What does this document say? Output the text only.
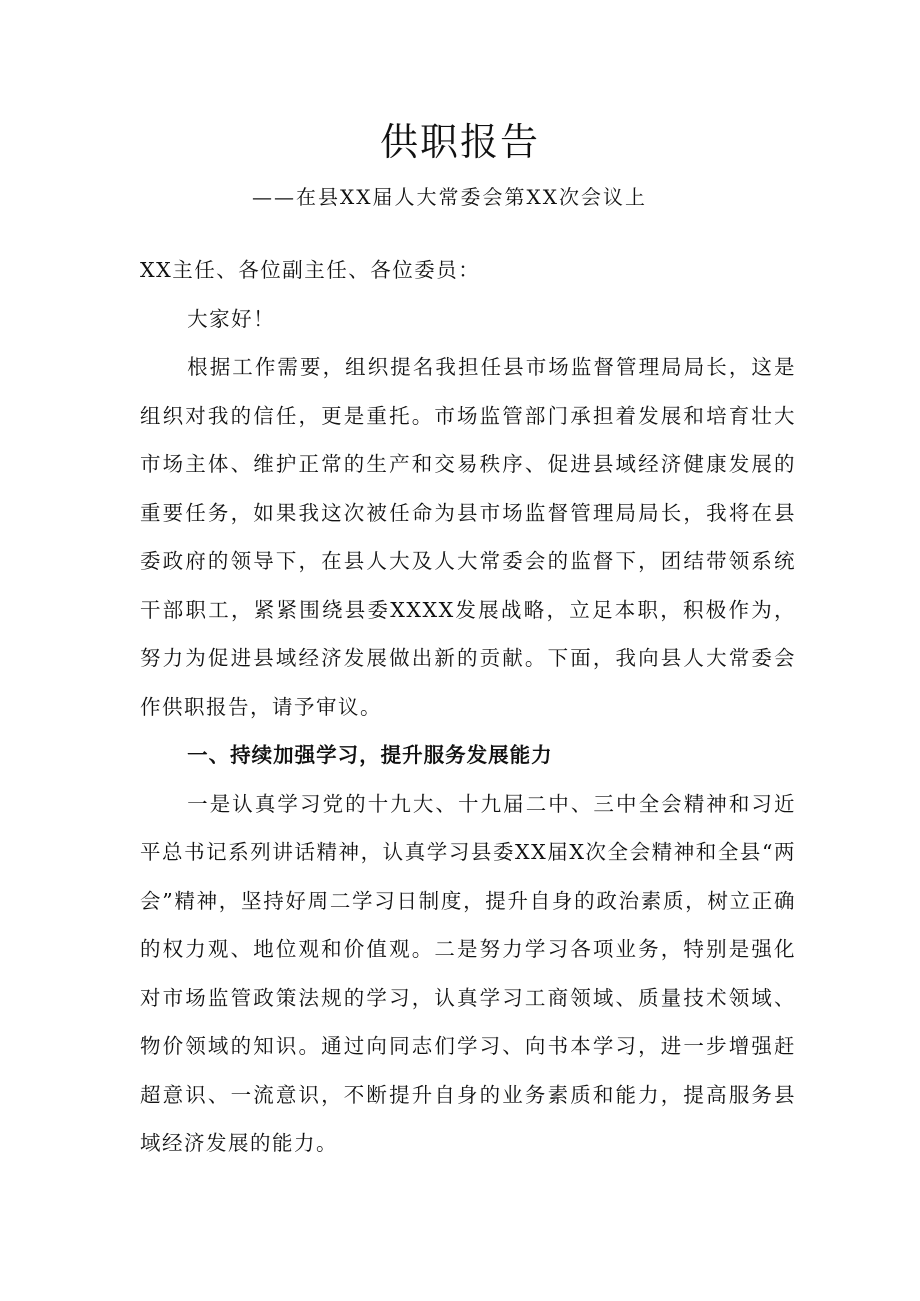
供职报告
——在县XX届人大常委会第XX次会议上

XX主任、各位副主任、各位委员：

大家好！

根据工作需要，组织提名我担任县市场监督管理局局长，这是组织对我的信任，更是重托。市场监管部门承担着发展和培育壮大市场主体、维护正常的生产和交易秩序、促进县域经济健康发展的重要任务，如果我这次被任命为县市场监督管理局局长，我将在县委政府的领导下，在县人大及人大常委会的监督下，团结带领系统干部职工，紧紧围绕县委XXXX发展战略，立足本职，积极作为，努力为促进县域经济发展做出新的贡献。下面，我向县人大常委会作供职报告，请予审议。

一、持续加强学习，提升服务发展能力

一是认真学习党的十九大、十九届二中、三中全会精神和习近平总书记系列讲话精神，认真学习县委XX届X次全会精神和全县“两会”精神，坚持好周二学习日制度，提升自身的政治素质，树立正确的权力观、地位观和价值观。二是努力学习各项业务，特别是强化对市场监管政策法规的学习，认真学习工商领域、质量技术领域、物价领域的知识。通过向同志们学习、向书本学习，进一步增强赶超意识、一流意识，不断提升自身的业务素质和能力，提高服务县域经济发展的能力。
